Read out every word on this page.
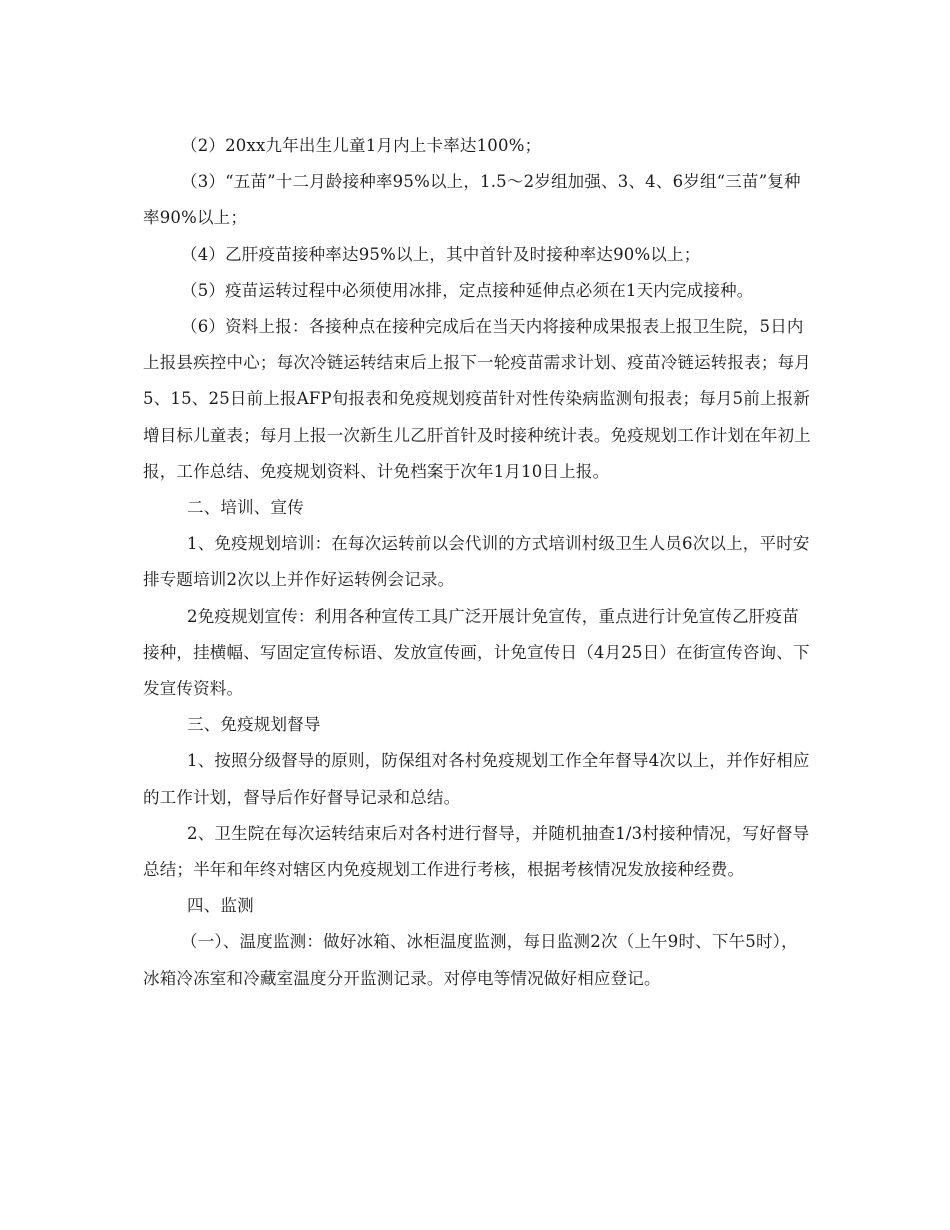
（2）20xx九年出生儿童1月内上卡率达100%；

（3）“五苗”十二月龄接种率95%以上，1.5～2岁组加强、3、4、6岁组“三苗”复种率90%以上；

（4）乙肝疫苗接种率达95%以上，其中首针及时接种率达90%以上；

（5）疫苗运转过程中必须使用冰排，定点接种延伸点必须在1天内完成接种。

（6）资料上报：各接种点在接种完成后在当天内将接种成果报表上报卫生院，5日内上报县疾控中心；每次冷链运转结束后上报下一轮疫苗需求计划、疫苗冷链运转报表；每月5、15、25日前上报AFP旬报表和免疫规划疫苗针对性传染病监测旬报表；每月5前上报新增目标儿童表；每月上报一次新生儿乙肝首针及时接种统计表。免疫规划工作计划在年初上报，工作总结、免疫规划资料、计免档案于次年1月10日上报。

二、培训、宣传

1、免疫规划培训：在每次运转前以会代训的方式培训村级卫生人员6次以上，平时安排专题培训2次以上并作好运转例会记录。

2免疫规划宣传：利用各种宣传工具广泛开展计免宣传，重点进行计免宣传乙肝疫苗接种，挂横幅、写固定宣传标语、发放宣传画，计免宣传日（4月25日）在街宣传咨询、下发宣传资料。

三、免疫规划督导

1、按照分级督导的原则，防保组对各村免疫规划工作全年督导4次以上，并作好相应的工作计划，督导后作好督导记录和总结。

2、卫生院在每次运转结束后对各村进行督导，并随机抽查1/3村接种情况，写好督导总结；半年和年终对辖区内免疫规划工作进行考核，根据考核情况发放接种经费。

四、监测

（一）、温度监测：做好冰箱、冰柜温度监测，每日监测2次（上午9时、下午5时），冰箱冷冻室和冷藏室温度分开监测记录。对停电等情况做好相应登记。
